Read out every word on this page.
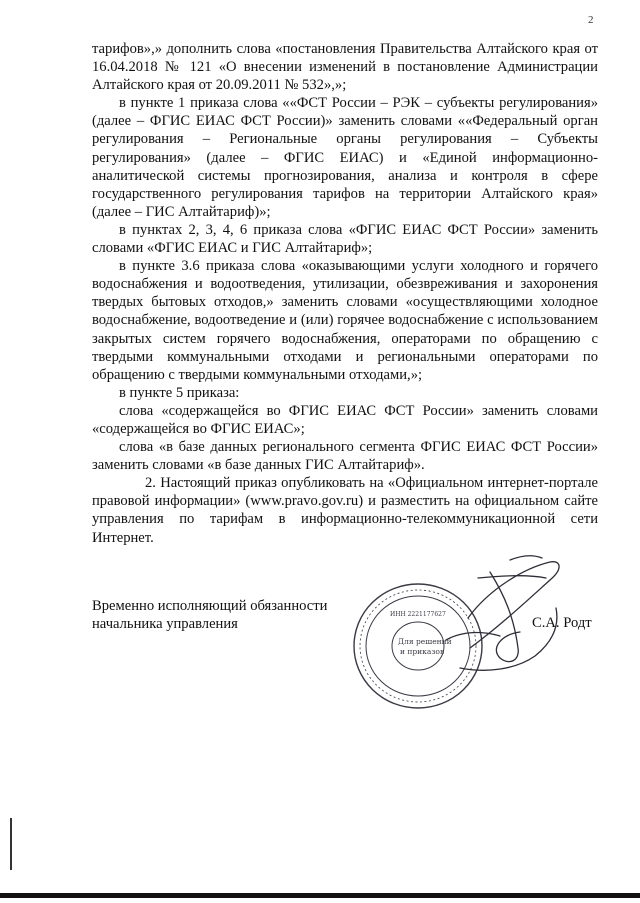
2

тарифов»,» дополнить слова «постановления Правительства Алтайского края от 16.04.2018 № 121 «О внесении изменений в постановление Администрации Алтайского края от 20.09.2011 № 532»,»;

в пункте 1 приказа слова ««ФСТ России – РЭК – субъекты регулирования» (далее – ФГИС ЕИАС ФСТ России)» заменить словами ««Федеральный орган регулирования – Региональные органы регулирования – Субъекты регулирования» (далее – ФГИС ЕИАС) и «Единой информационно-аналитической системы прогнозирования, анализа и контроля в сфере государственного регулирования тарифов на территории Алтайского края» (далее – ГИС Алтайтариф)»;

в пунктах 2, 3, 4, 6 приказа слова «ФГИС ЕИАС ФСТ России» заменить словами «ФГИС ЕИАС и ГИС Алтайтариф»;

в пункте 3.6 приказа слова «оказывающими услуги холодного и горячего водоснабжения и водоотведения, утилизации, обезвреживания и захоронения твердых бытовых отходов,» заменить словами «осуществляющими холодное водоснабжение, водоотведение и (или) горячее водоснабжение с использованием закрытых систем горячего водоснабжения, операторами по обращению с твердыми коммунальными отходами и региональными операторами по обращению с твердыми коммунальными отходами,»;

в пункте 5 приказа:

слова «содержащейся во ФГИС ЕИАС ФСТ России» заменить словами «содержащейся во ФГИС ЕИАС»;

слова «в базе данных регионального сегмента ФГИС ЕИАС ФСТ России» заменить словами «в базе данных ГИС Алтайтариф».

2. Настоящий приказ опубликовать на «Официальном интернет-портале правовой информации» (www.pravo.gov.ru) и разместить на официальном сайте управления по тарифам в информационно-телекоммуникационной сети Интернет.

Временно исполняющий обязанности
начальника управления
Для решений
и приказов
ИНН 2221177627
С.А. Родт
